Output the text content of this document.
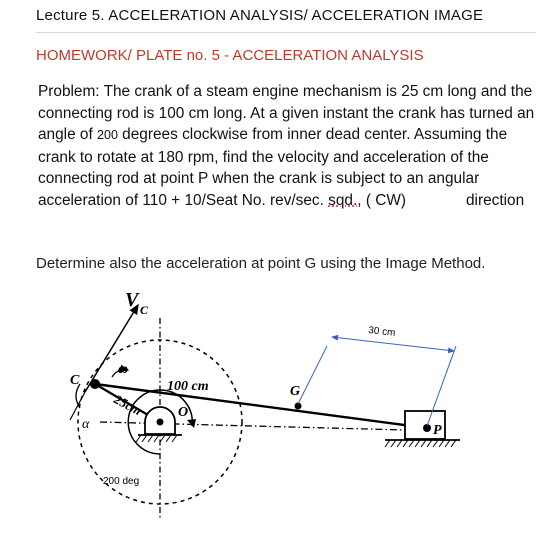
Lecture 5. ACCELERATION ANALYSIS/ ACCELERATION IMAGE
HOMEWORK/ PLATE no. 5 - ACCELERATION ANALYSIS
Problem: The crank of a steam engine mechanism is 25 cm long and the connecting rod is 100 cm long. At a given instant the crank has turned an angle of 200 degrees clockwise from inner dead center. Assuming the crank to rotate at 180 rpm, find the velocity and acceleration of the connecting rod at point P when the crank is subject to an angular acceleration of 110 + 10/Seat No. rev/sec. sqd., ( CW)	direction
Determine also the acceleration at point G using the Image Method.
V C
C
ω
α
25cm O
100 cm	G
P
30 cm
200 deg
